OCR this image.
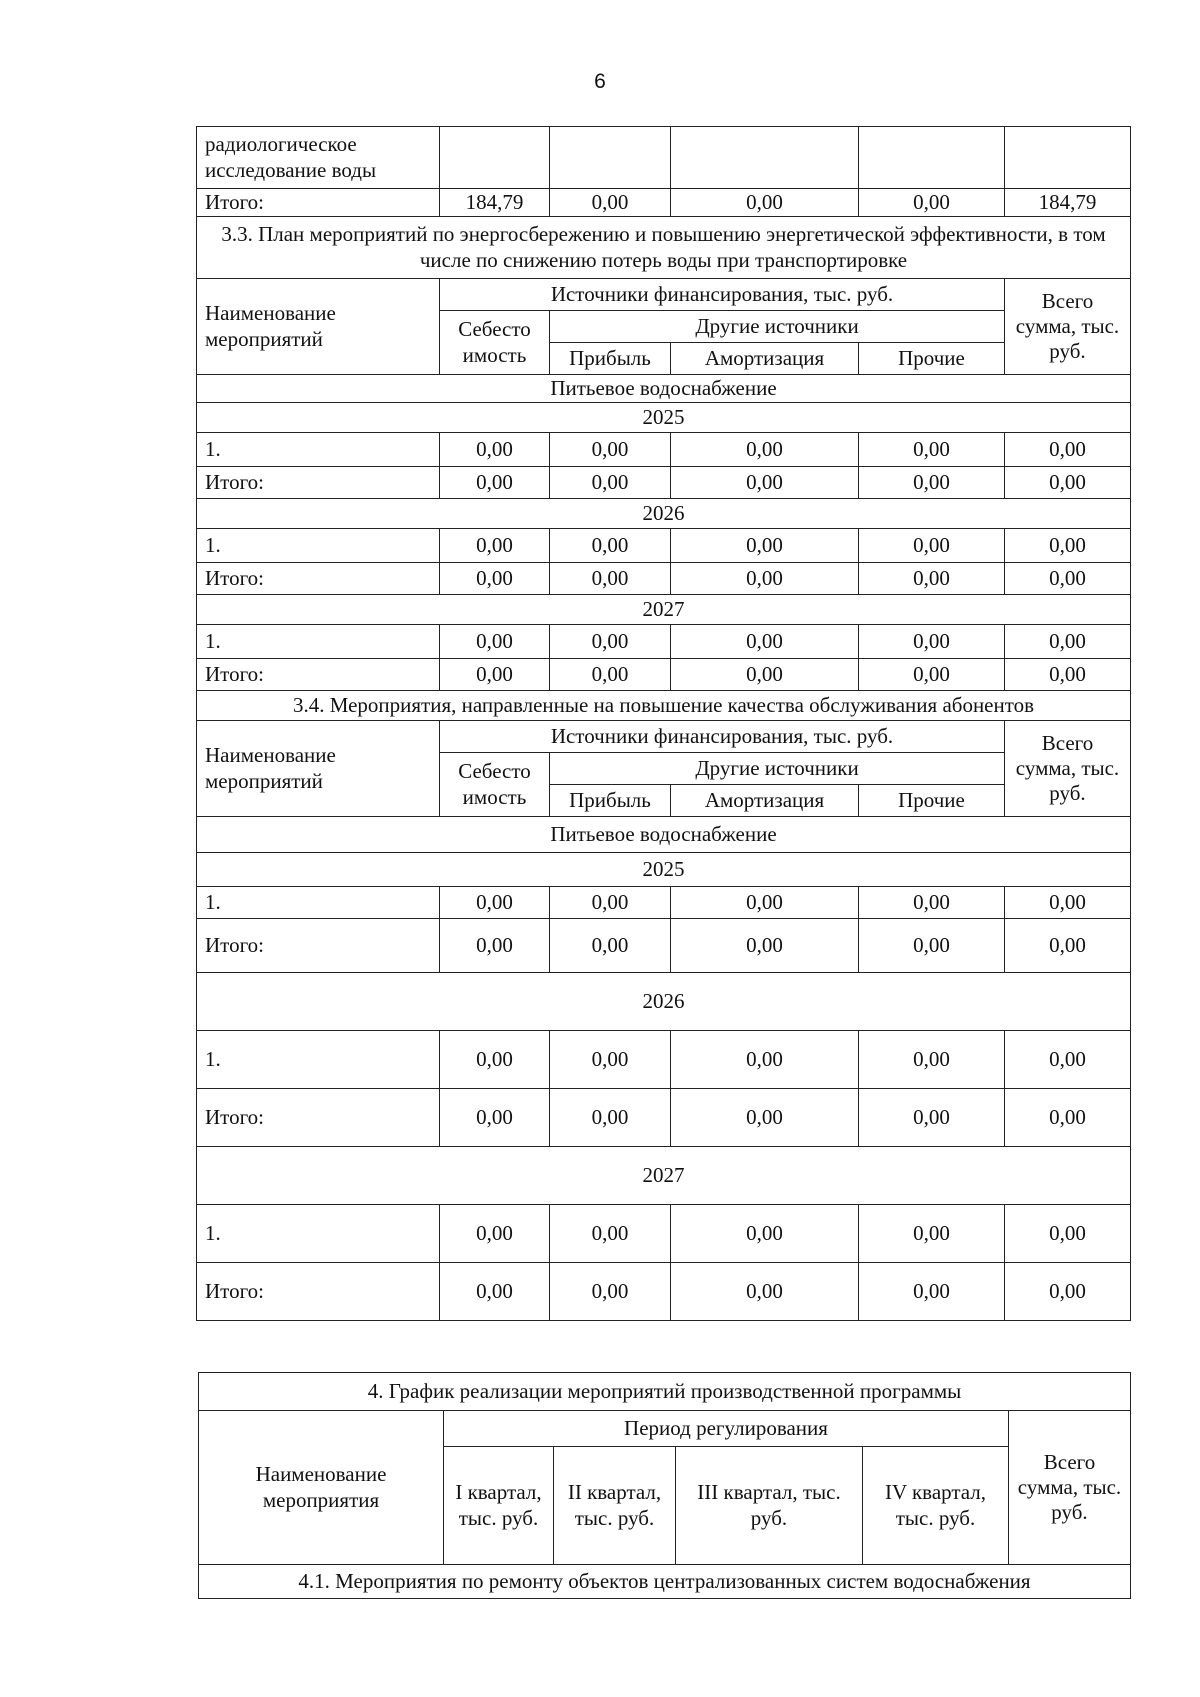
6
радиологическое исследование воды					
Итого:	184,79	0,00	0,00	0,00	184,79
3.3. План мероприятий по энергосбережению и повышению энергетической эффективности, в том числе по снижению потерь воды при транспортировке					
Наименование мероприятий	Источники финансирования, тыс. руб.				Всего сумма, тыс. руб.
	Себесто имость	Другие источники			
		Прибыль	Амортизация	Прочие	
Питьевое водоснабжение					
2025					
1.	0,00	0,00	0,00	0,00	0,00
Итого:	0,00	0,00	0,00	0,00	0,00
2026					
1.	0,00	0,00	0,00	0,00	0,00
Итого:	0,00	0,00	0,00	0,00	0,00
2027					
1.	0,00	0,00	0,00	0,00	0,00
Итого:	0,00	0,00	0,00	0,00	0,00
3.4. Мероприятия, направленные на повышение качества обслуживания абонентов					
Наименование мероприятий	Источники финансирования, тыс. руб.				Всего сумма, тыс. руб.
	Себесто имость	Другие источники			
		Прибыль	Амортизация	Прочие	
Питьевое водоснабжение					
2025					
1.	0,00	0,00	0,00	0,00	0,00
Итого:	0,00	0,00	0,00	0,00	0,00
2026					
1.	0,00	0,00	0,00	0,00	0,00
Итого:	0,00	0,00	0,00	0,00	0,00
2027					
1.	0,00	0,00	0,00	0,00	0,00
Итого:	0,00	0,00	0,00	0,00	0,00
4. График реализации мероприятий производственной программы					
Наименование мероприятия	Период регулирования				Всего сумма, тыс. руб.
	I квартал, тыс. руб.	II квартал, тыс. руб.	III квартал, тыс. руб.	IV квартал, тыс. руб.	
4.1. Мероприятия по ремонту объектов централизованных систем водоснабжения					
